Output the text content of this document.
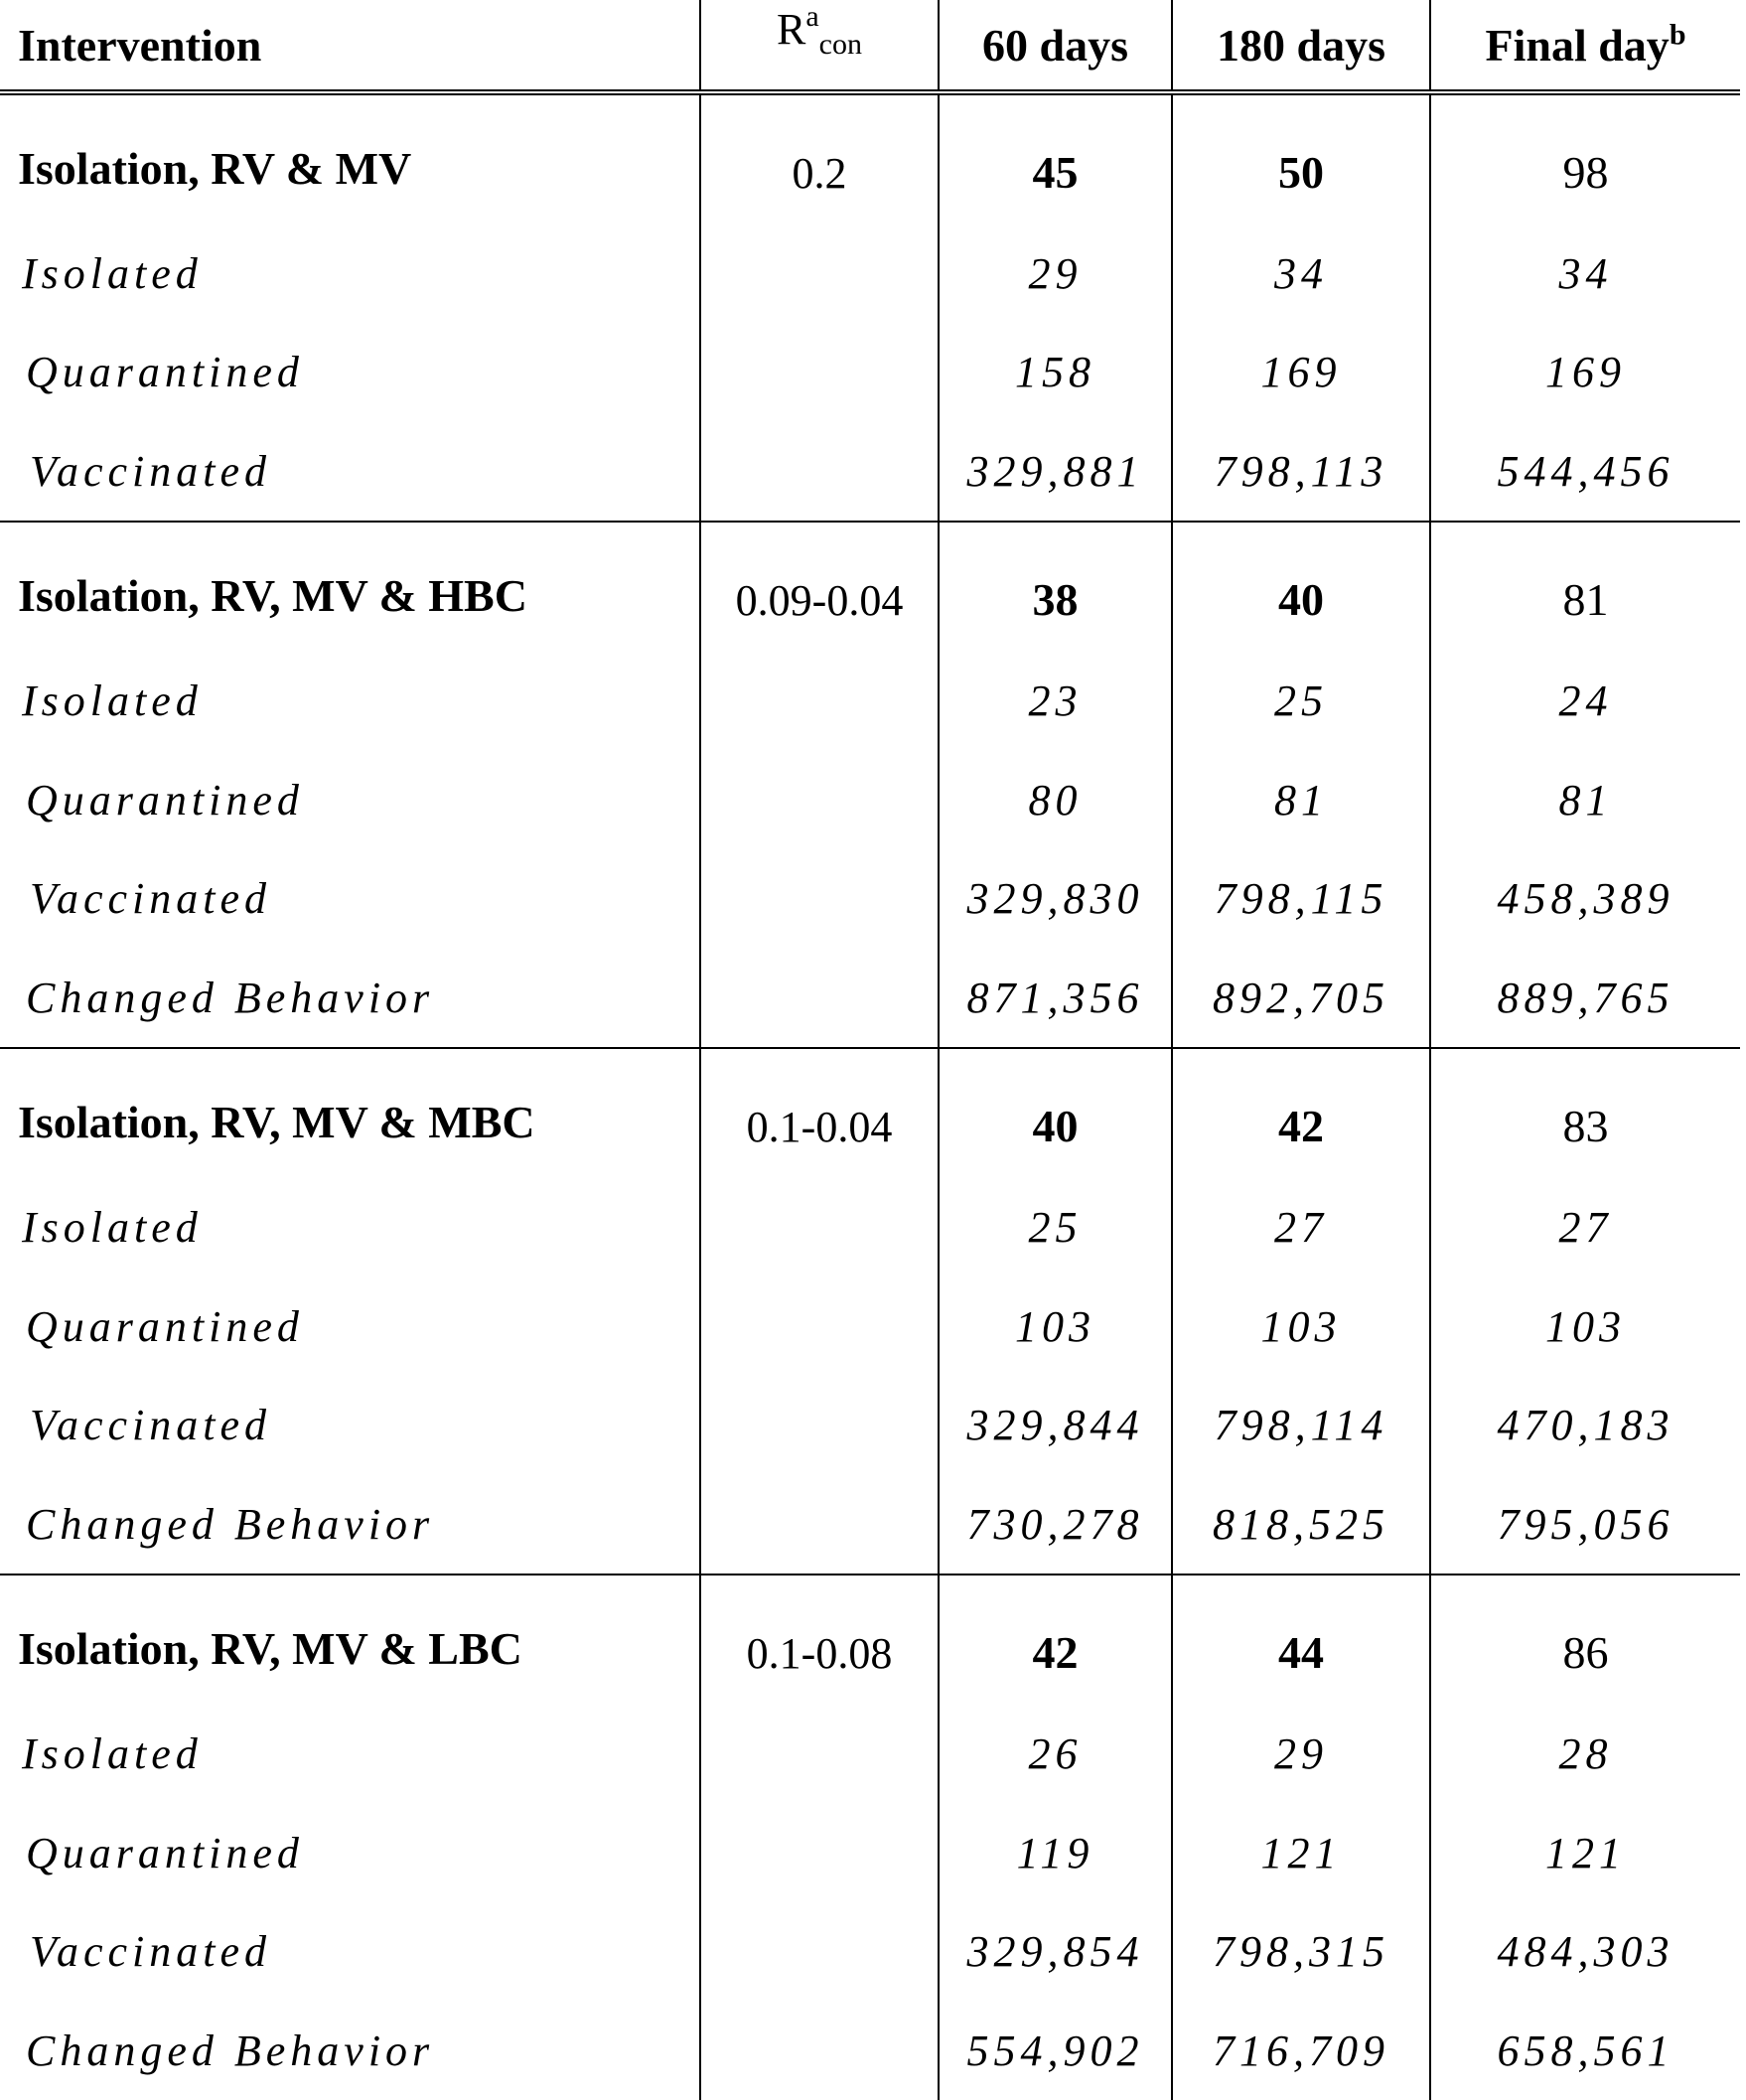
Intervention	$R^a_{con}$	60 days	180 days	Final day$^b$
Isolation, RV & MV	0.2	45	50	98
Isolated		29	34	34
Quarantined		158	169	169
Vaccinated		329,881	798,113	544,456
Isolation, RV, MV & HBC	0.09-0.04	38	40	81
Isolated		23	25	24
Quarantined		80	81	81
Vaccinated		329,830	798,115	458,389
Changed Behavior		871,356	892,705	889,765
Isolation, RV, MV & MBC	0.1-0.04	40	42	83
Isolated		25	27	27
Quarantined		103	103	103
Vaccinated		329,844	798,114	470,183
Changed Behavior		730,278	818,525	795,056
Isolation, RV, MV & LBC	0.1-0.08	42	44	86
Isolated		26	29	28
Quarantined		119	121	121
Vaccinated		329,854	798,315	484,303
Changed Behavior		554,902	716,709	658,561
